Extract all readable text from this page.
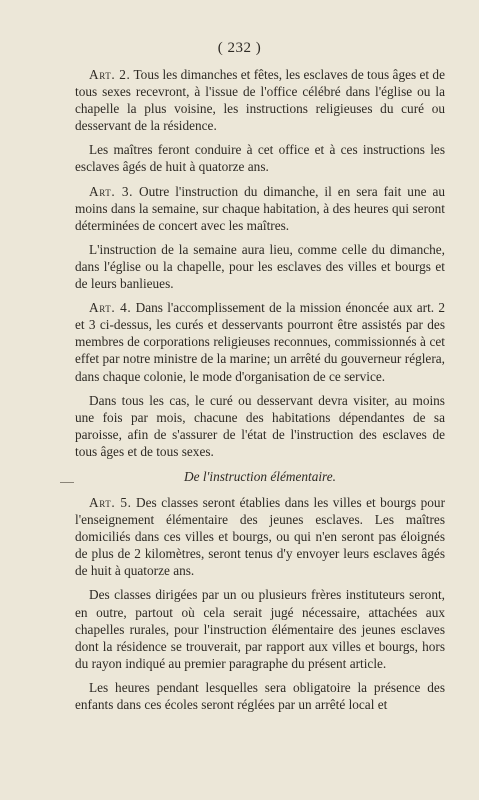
( 232 )

Art. 2. Tous les dimanches et fêtes, les esclaves de tous âges et de tous sexes recevront, à l'issue de l'office célébré dans l'église ou la chapelle la plus voisine, les instructions religieuses du curé ou desservant de la résidence.

Les maîtres feront conduire à cet office et à ces instructions les esclaves âgés de huit à quatorze ans.

Art. 3. Outre l'instruction du dimanche, il en sera fait une au moins dans la semaine, sur chaque habitation, à des heures qui seront déterminées de concert avec les maîtres.

L'instruction de la semaine aura lieu, comme celle du dimanche, dans l'église ou la chapelle, pour les esclaves des villes et bourgs et de leurs banlieues.

Art. 4. Dans l'accomplissement de la mission énoncée aux art. 2 et 3 ci-dessus, les curés et desservants pourront être assistés par des membres de corporations religieuses reconnues, commissionnés à cet effet par notre ministre de la marine; un arrêté du gouverneur réglera, dans chaque colonie, le mode d'organisation de ce service.

Dans tous les cas, le curé ou desservant devra visiter, au moins une fois par mois, chacune des habitations dépendantes de sa paroisse, afin de s'assurer de l'état de l'instruction des esclaves de tous âges et de tous sexes.

De l'instruction élémentaire.

Art. 5. Des classes seront établies dans les villes et bourgs pour l'enseignement élémentaire des jeunes esclaves. Les maîtres domiciliés dans ces villes et bourgs, ou qui n'en seront pas éloignés de plus de 2 kilomètres, seront tenus d'y envoyer leurs esclaves âgés de huit à quatorze ans.

Des classes dirigées par un ou plusieurs frères instituteurs seront, en outre, partout où cela serait jugé nécessaire, attachées aux chapelles rurales, pour l'instruction élémentaire des jeunes esclaves dont la résidence se trouverait, par rapport aux villes et bourgs, hors du rayon indiqué au premier paragraphe du présent article.

Les heures pendant lesquelles sera obligatoire la présence des enfants dans ces écoles seront réglées par un arrêté local et
